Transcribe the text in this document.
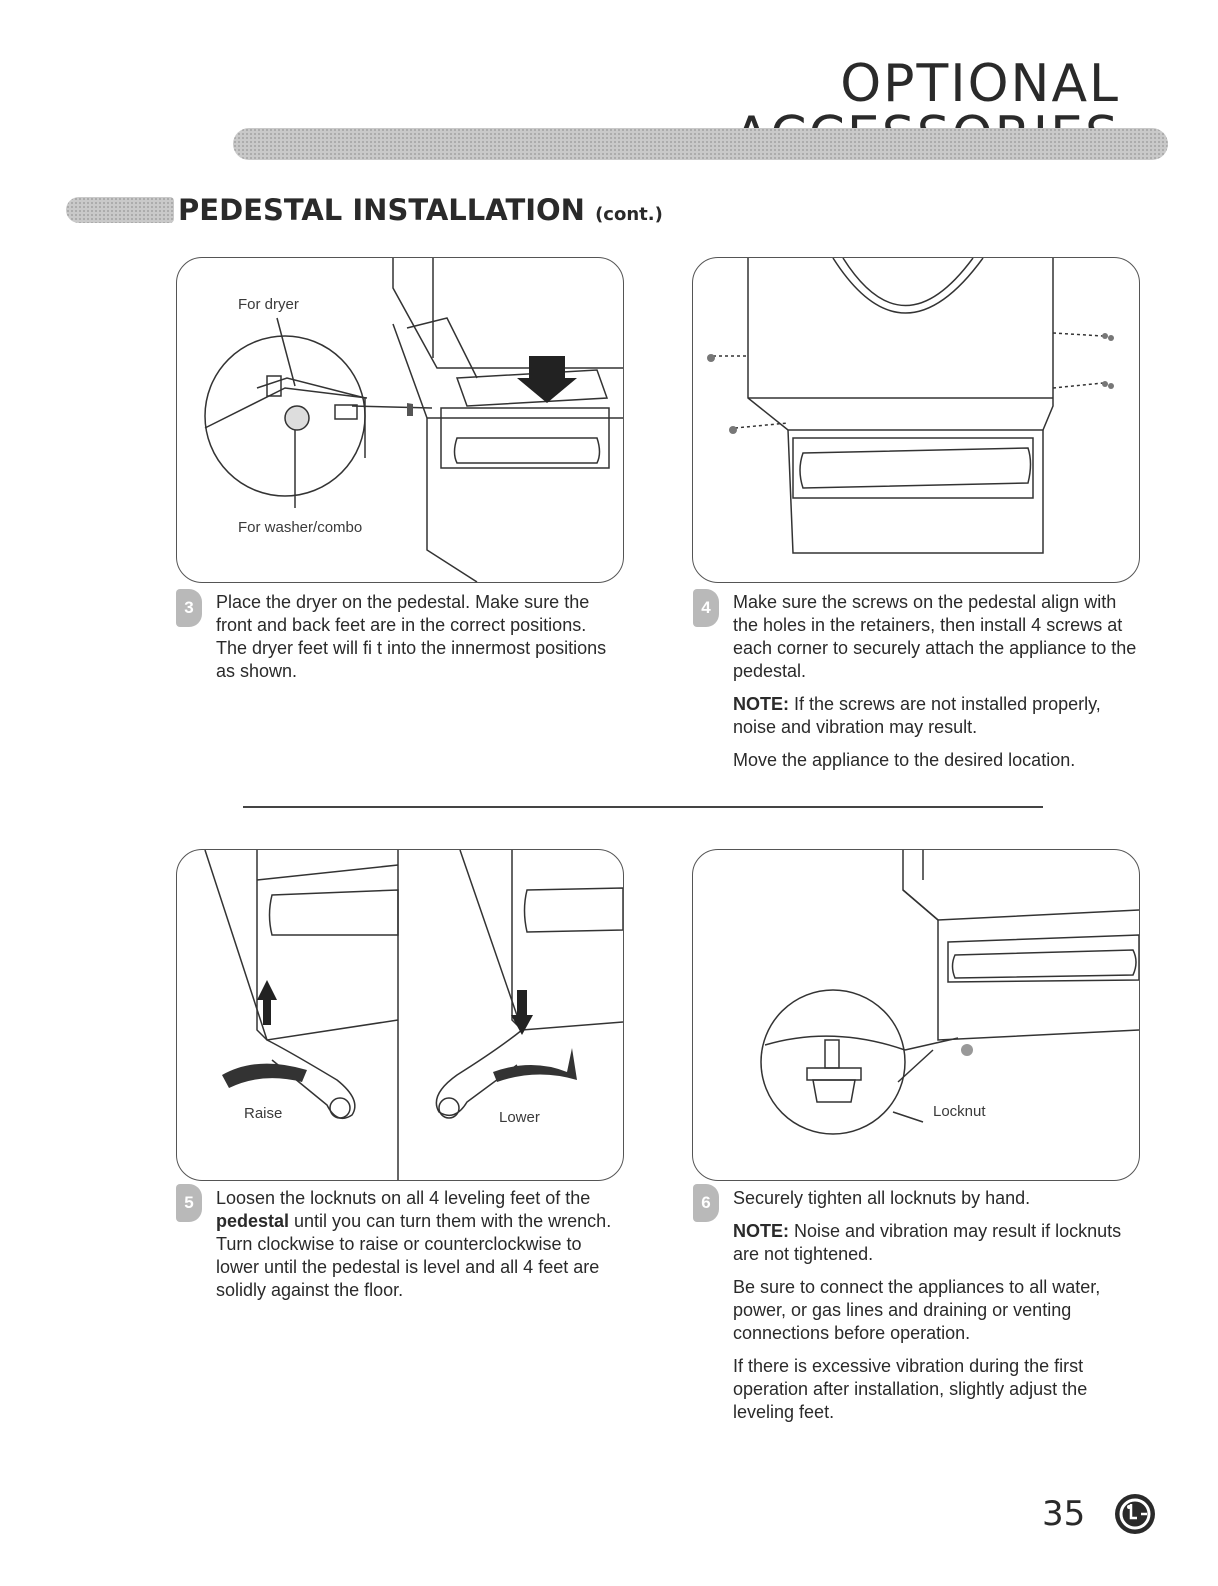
OPTIONAL
PEDESTAL INSTALLATION (cont.)
For dryer
For washer/combo
3	Place the dryer on the pedestal. Make sure the front and back feet are in the correct positions. The dryer feet will fi t into the innermost positions as shown.

4	Make sure the screws on the pedestal align with the holes in the retainers, then install 4 screws at each corner to securely attach the appliance to the pedestal.

NOTE: If the screws are not installed properly, noise and vibration may result.

Move the appliance to the desired location.

Raise	Lower
5	Loosen the locknuts on all 4 leveling feet of the pedestal until you can turn them with the wrench. Turn clockwise to raise or counterclockwise to lower until the pedestal is level and all 4 feet are solidly against the floor.

Locknut
6	Securely tighten all locknuts by hand.

NOTE: Noise and vibration may result if locknuts are not tightened.

Be sure to connect the appliances to all water, power, or gas lines and draining or venting connections before operation.

If there is excessive vibration during the first operation after installation, slightly adjust the leveling feet.

35
